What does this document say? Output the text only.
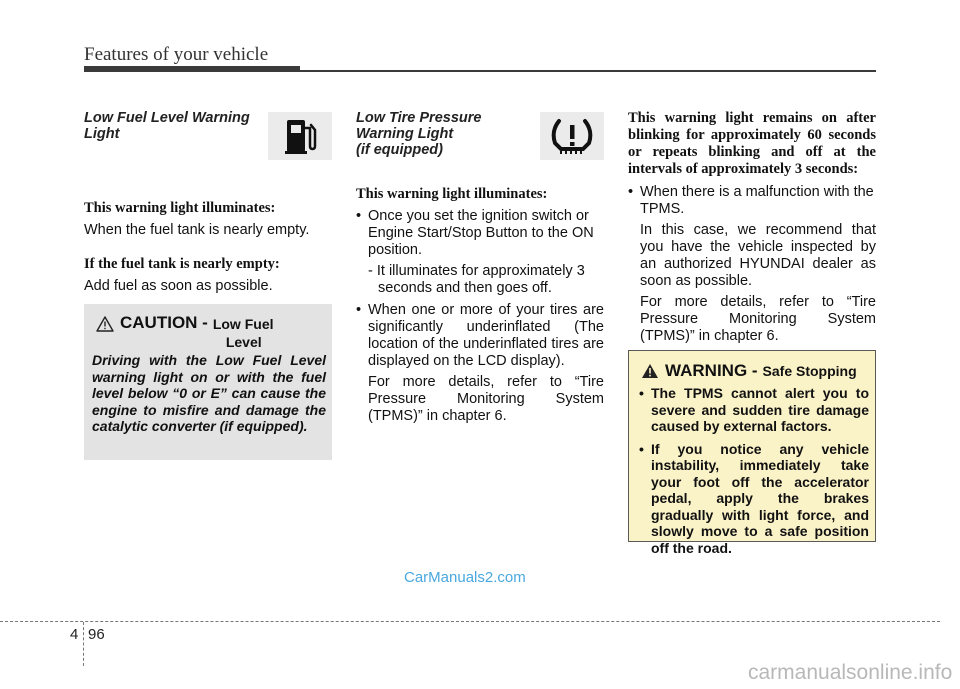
Features of your vehicle
Low Fuel Level Warning Light
This warning light illuminates:
When the fuel tank is nearly empty.
If the fuel tank is nearly empty:
Add fuel as soon as possible.
CAUTION - Low Fuel
Level
Driving with the Low Fuel Level warning light on or with the fuel level below “0 or E” can cause the engine to misfire and damage the catalytic converter (if equipped).
Low Tire Pressure
Warning Light
(if equipped)
This warning light illuminates:
• Once you set the ignition switch or Engine Start/Stop Button to the ON position.
- It illuminates for approximately 3 seconds and then goes off.
• When one or more of your tires are significantly underinflated (The location of the underinflated tires are displayed on the LCD display).
For more details, refer to “Tire Pressure Monitoring System (TPMS)” in chapter 6.
This warning light remains on after blinking for approximately 60 seconds or repeats blinking and off at the intervals of approximately 3 seconds:
• When there is a malfunction with the TPMS.
In this case, we recommend that you have the vehicle inspected by an authorized HYUNDAI dealer as soon as possible.
For more details, refer to “Tire Pressure Monitoring System (TPMS)” in chapter 6.
WARNING - Safe Stopping
• The TPMS cannot alert you to severe and sudden tire damage caused by external factors.
• If you notice any vehicle instability, immediately take your foot off the accelerator pedal, apply the brakes gradually with light force, and slowly move to a safe position off the road.
CarManuals2.com
4 96
carmanualsonline.info
